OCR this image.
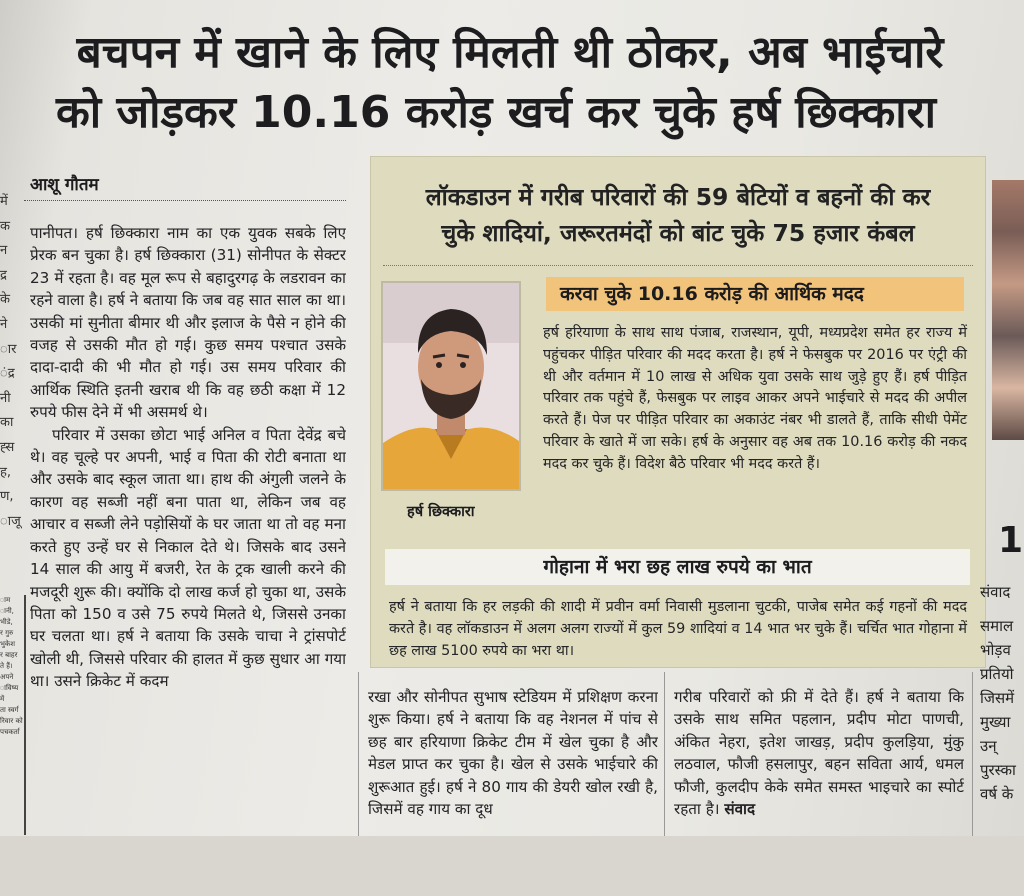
बचपन में खाने के लिए मिलती थी ठोकर, अब भाईचारे
को जोड़कर 10.16 करोड़ खर्च कर चुके हर्ष छिक्कारा
में
क
न
द्र
के
ने
ार
ंद्र
नी
का
ह्स
ह,
ण,
ाजू
ाम
ानी,
भीडे,
र गुरु
भुकेश
र बाहर
ते हैं।
अपने
ाविष्य में
ता स्वर्ग
रिवार को
पचकर्ता
आशू गौतम
पानीपत। हर्ष छिक्कारा नाम का एक युवक सबके लिए प्रेरक बन चुका है। हर्ष छिक्कारा (31) सोनीपत के सेक्टर 23 में रहता है। वह मूल रूप से बहादुरगढ़ के लडरावन का रहने वाला है। हर्ष ने बताया कि जब वह सात साल का था। उसकी मां सुनीता बीमार थी और इलाज के पैसे न होने की वजह से उसकी मौत हो गई। कुछ समय पश्चात उसके दादा-दादी की भी मौत हो गई। उस समय परिवार की आर्थिक स्थिति इतनी खराब थी कि वह छठी कक्षा में 12 रुपये फीस देने में भी असमर्थ थे।
परिवार में उसका छोटा भाई अनिल व पिता देवेंद्र बचे थे। वह चूल्हे पर अपनी, भाई व पिता की रोटी बनाता था और उसके बाद स्कूल जाता था। हाथ की अंगुली जलने के कारण वह सब्जी नहीं बना पाता था, लेकिन जब वह आचार व सब्जी लेने पड़ोसियों के घर जाता था तो वह मना करते हुए उन्हें घर से निकाल देते थे। जिसके बाद उसने 14 साल की आयु में बजरी, रेत के ट्रक खाली करने की मजदूरी शुरू की। क्योंकि दो लाख कर्ज हो चुका था, उसके पिता को 150 व उसे 75 रुपये मिलते थे, जिससे उनका घर चलता था। हर्ष ने बताया कि उसके चाचा ने ट्रांसपोर्ट खोली थी, जिससे परिवार की हालत में कुछ सुधार आ गया था। उसने क्रिकेट में कदम
रखा और सोनीपत सुभाष स्टेडियम में प्रशिक्षण करना शुरू किया। हर्ष ने बताया कि वह नेशनल में पांच से छह बार हरियाणा क्रिकेट टीम में खेल चुका है और मेडल प्राप्त कर चुका है। खेल से उसके भाईचारे की शुरूआत हुई। हर्ष ने 80 गाय की डेयरी खोल रखी है, जिसमें वह गाय का दूध
गरीब परिवारों को फ्री में देते हैं। हर्ष ने बताया कि उसके साथ समित पहलान, प्रदीप मोटा पाणची, अंकित नेहरा, इतेश जाखड़, प्रदीप कुलड़िया, मुंकु लठवाल, फौजी हसलापुर, बहन सविता आर्य, धमल फौजी, कुलदीप केके समेत समस्त भाइचारे का स्पोर्ट रहता है। संवाद
लॉकडाउन में गरीब परिवारों की 59 बेटियों व बहनों की कर
चुके शादियां, जरूरतमंदों को बांट चुके 75 हजार कंबल
हर्ष छिक्कारा
करवा चुके 10.16 करोड़ की आर्थिक मदद
हर्ष हरियाणा के साथ साथ पंजाब, राजस्थान, यूपी, मध्यप्रदेश समेत हर राज्य में पहुंचकर पीड़ित परिवार की मदद करता है। हर्ष ने फेसबुक पर 2016 पर एंट्री की थी और वर्तमान में 10 लाख से अधिक युवा उसके साथ जुड़े हुए हैं। हर्ष पीड़ित परिवार तक पहुंचे हैं, फेसबुक पर लाइव आकर अपने भाईचारे से मदद की अपील करते हैं। पेज पर पीड़ित परिवार का अकाउंट नंबर भी डालते हैं, ताकि सीधी पेमेंट परिवार के खाते में जा सके। हर्ष के अनुसार वह अब तक 10.16 करोड़ की नकद मदद कर चुके हैं। विदेश बैठे परिवार भी मदद करते हैं।
गोहाना में भरा छह लाख रुपये का भात
हर्ष ने बताया कि हर लड़की की शादी में प्रवीन वर्मा निवासी मुडलाना चुटकी, पाजेब समेत कई गहनों की मदद करते है। वह लॉकडाउन में अलग अलग राज्यों में कुल 59 शादियां व 14 भात भर चुके हैं। चर्चित भात गोहाना में छह लाख 5100 रुपये का भरा था।
1
संवाद
समाल
भोड़व
प्रतियो
जिसमें
मुख्या
उन्
पुरस्का
वर्ष के
